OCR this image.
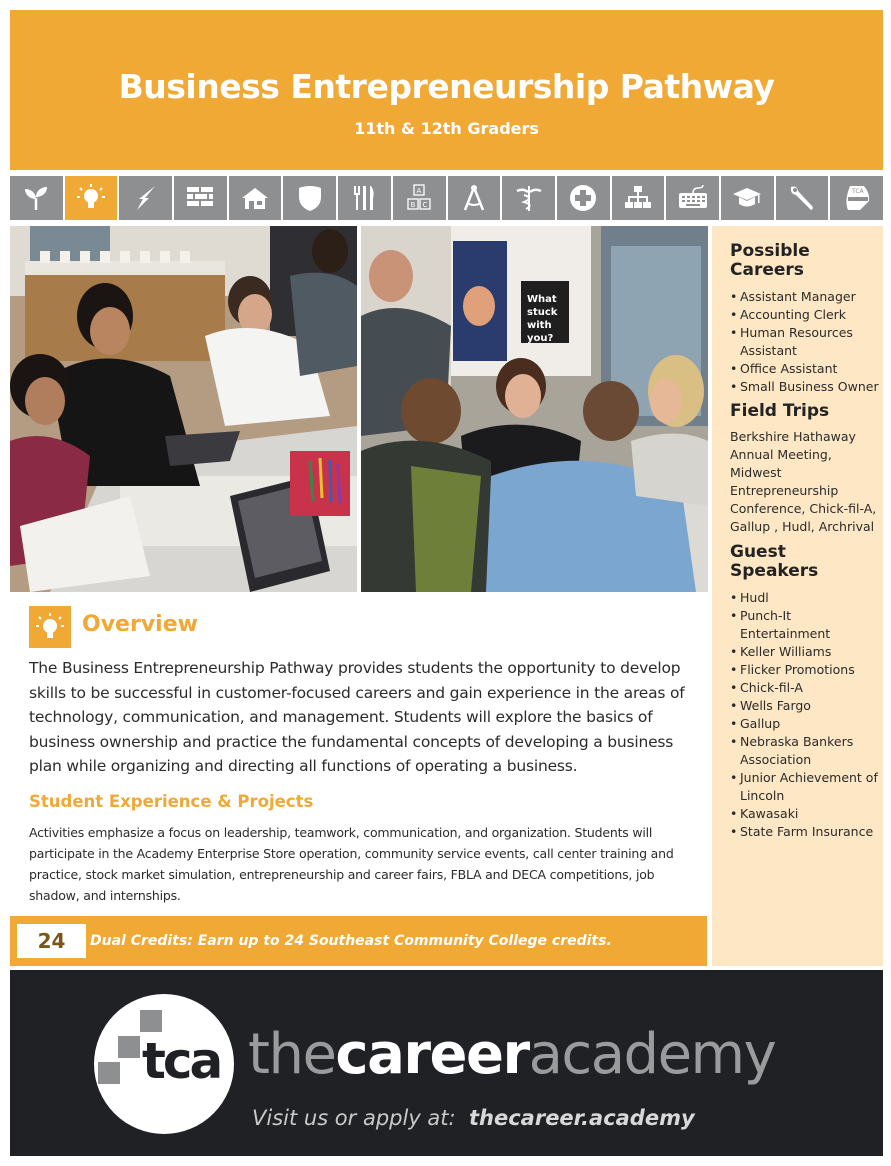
Business Entrepreneurship Pathway
11th & 12th Graders
A
B C
TCA
What
stuck
with
you?
Possible
Careers
• Assistant Manager
• Accounting Clerk
• Human Resources Assistant
• Office Assistant
• Small Business Owner
Field Trips

Berkshire Hathaway Annual Meeting, Midwest Entrepreneurship Conference, Chick-fil-A, Gallup , Hudl, Archrival

Guest
Speakers
• Hudl
• Punch-It Entertainment
• Keller Williams
• Flicker Promotions
• Chick-fil-A
• Wells Fargo
• Gallup
• Nebraska Bankers Association
• Junior Achievement of Lincoln
• Kawasaki
• State Farm Insurance
Overview

The Business Entrepreneurship Pathway provides students the opportunity to develop skills to be successful in customer-focused careers and gain experience in the areas of technology, communication, and management. Students will explore the basics of business ownership and practice the fundamental concepts of developing a business plan while organizing and directing all functions of operating a business.

Student Experience & Projects

Activities emphasize a focus on leadership, teamwork, communication, and organization. Students will participate in the Academy Enterprise Store operation, community service events, call center training and practice, stock market simulation, entrepreneurship and career fairs, FBLA and DECA competitions, job shadow, and internships.

24	Dual Credits: Earn up to 24 Southeast Community College credits.
tca thecareeracademy
Visit us or apply at: thecareer.academy
